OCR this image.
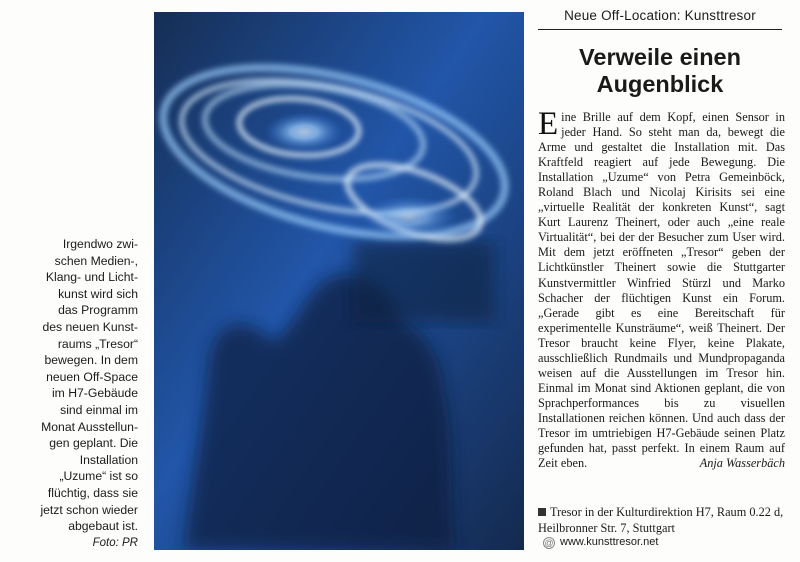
Irgendwo zwi-
schen Medien-,
Klang- und Licht-
kunst wird sich
das Programm
des neuen Kunst-
raums „Tresor“
bewegen. In dem
neuen Off-Space
im H7-Gebäude
sind einmal im
Monat Ausstellun-
gen geplant. Die
Installation
„Uzume“ ist so
flüchtig, dass sie
jetzt schon wieder
abgebaut ist.
Foto: PR
Neue Off-Location: Kunsttresor
Verweile einen
Augenblick
E ine Brille auf dem Kopf, einen Sensor in jeder Hand. So steht man da, bewegt die Arme und gestaltet die Installation mit. Das Kraftfeld reagiert auf jede Bewegung. Die Installation „Uzume“ von Petra Gemeinböck, Roland Blach und Nicolaj Kirisits sei eine „virtuelle Realität der konkreten Kunst“, sagt Kurt Laurenz Theinert, oder auch „eine reale Virtualität“, bei der der Besucher zum User wird. Mit dem jetzt eröffneten „Tresor“ geben der Lichtkünstler Theinert sowie die Stuttgarter Kunstvermittler Winfried Stürzl und Marko Schacher der flüchtigen Kunst ein Forum. „Gerade gibt es eine Bereitschaft für experimentelle Kunsträume“, weiß Theinert. Der Tresor braucht keine Flyer, keine Plakate, ausschließlich Rundmails und Mundpropaganda weisen auf die Ausstellungen im Tresor hin. Einmal im Monat sind Aktionen geplant, die von Sprachperformances bis zu visuellen Installationen reichen können. Und auch dass der Tresor im umtriebigen H7-Gebäude seinen Platz gefunden hat, passt perfekt. In einem Raum auf Zeit eben.	Anja Wasserbäch
Tresor in der Kulturdirektion H7, Raum 0.22 d, Heilbronner Str. 7, Stuttgart
@ www.kunsttresor.net
